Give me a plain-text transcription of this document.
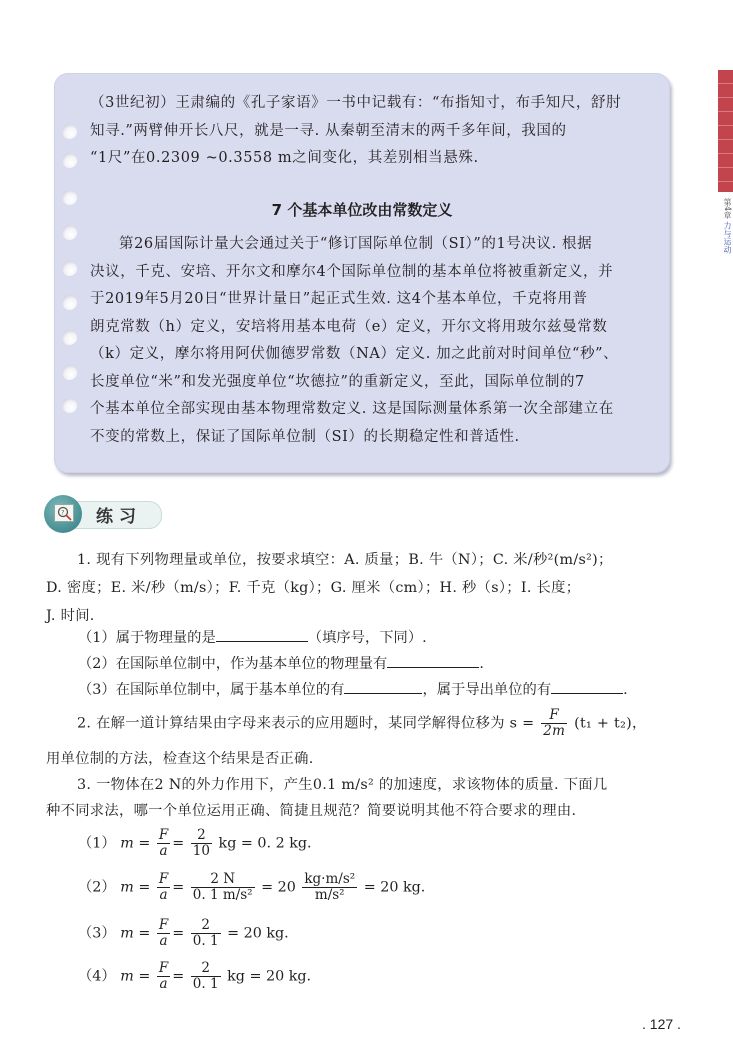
第4章 力与运动
（3世纪初）王肃编的《孔子家语》一书中记载有：“布指知寸，布手知尺，舒肘
知寻.”两臂伸开长八尺，就是一寻. 从秦朝至清末的两千多年间，我国的
“1尺”在0.2309 ~0.3558 m之间变化，其差别相当悬殊.
7 个基本单位改由常数定义
第26届国际计量大会通过关于“修订国际单位制（SI）”的1号决议. 根据
决议，千克、安培、开尔文和摩尔4个国际单位制的基本单位将被重新定义，并
于2019年5月20日“世界计量日”起正式生效. 这4个基本单位，千克将用普
朗克常数（h）定义，安培将用基本电荷（e）定义，开尔文将用玻尔兹曼常数
（k）定义，摩尔将用阿伏伽德罗常数（NA）定义. 加之此前对时间单位“秒”、
长度单位“米”和发光强度单位“坎德拉”的重新定义，至此，国际单位制的7
个基本单位全部实现由基本物理常数定义. 这是国际测量体系第一次全部建立在
不变的常数上，保证了国际单位制（SI）的长期稳定性和普适性.
? 练习
1. 现有下列物理量或单位，按要求填空：A. 质量；B. 牛（N）；C. 米/秒²(m/s²)；
D. 密度；E. 米/秒（m/s）；F. 千克（kg）；G. 厘米（cm）；H. 秒（s）；I. 长度；
J. 时间.
（1）属于物理量的是	（填序号，下同）.
（2）在国际单位制中，作为基本单位的物理量有	.
（3）在国际单位制中，属于基本单位的有	，属于导出单位的有	.
2. 在解一道计算结果由字母来表示的应用题时，某同学解得位移为 $s = \frac{F}{2m} (t_1 + t_2)$，
用单位制的方法，检查这个结果是否正确.
3. 一物体在2 N的外力作用下，产生0.1 m/s² 的加速度，求该物体的质量. 下面几
种不同求法，哪一个单位运用正确、简捷且规范？简要说明其他不符合要求的理由.
（1） $m = \frac{F}{a} = \frac{2}{10}$ kg = 0. 2 kg.
（2） $m = \frac{F}{a} = \frac{2 N}{\text{0. 1 m/s²}} = 20 \frac{\text{kg·m/s²}}{\text{m/s²}} = 20$ kg.
（3） $m = \frac{F}{a} = \frac{2}{0. 1} = 20$ kg.
（4） $m = \frac{F}{a} = \frac{2}{0. 1}$ kg = 20 kg.
. 127 .
